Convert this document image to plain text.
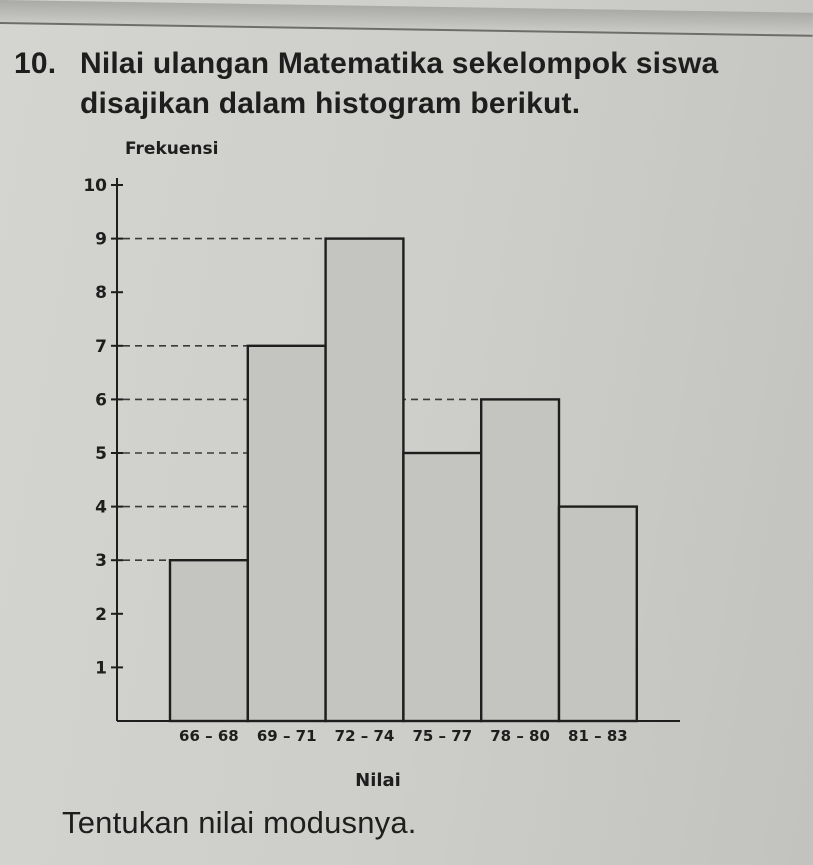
10. Nilai ulangan Matematika sekelompok siswa
disajikan dalam histogram berikut.
1
2
3
4
5
6
7
8
9
10
66 – 68 69 – 71 72 – 74 75 – 77 78 – 80 81 – 83
Frekuensi
Nilai

Tentukan nilai modusnya.
